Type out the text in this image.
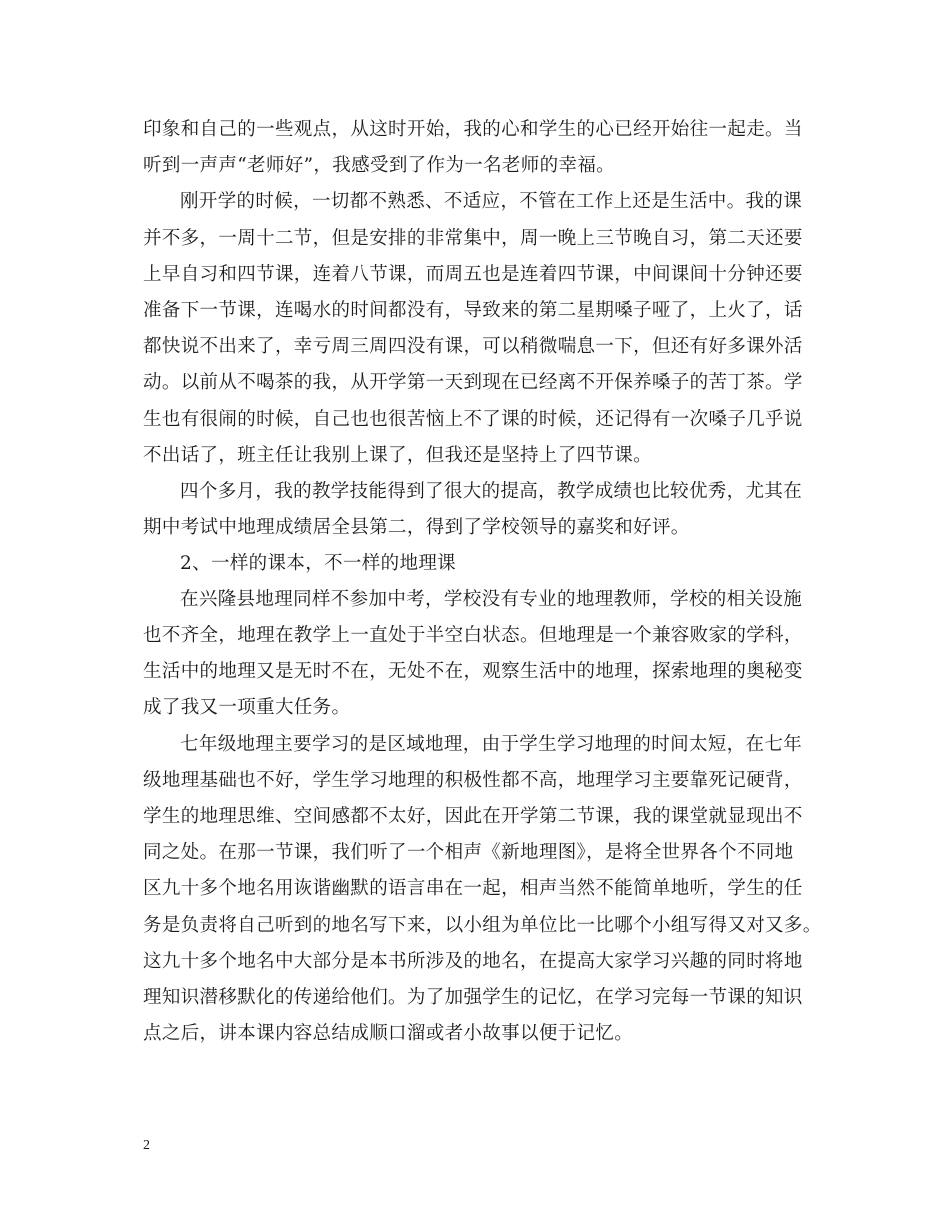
印象和自己的一些观点，从这时开始，我的心和学生的心已经开始往一起走。当
听到一声声“老师好”，我感受到了作为一名老师的幸福。
刚开学的时候，一切都不熟悉、不适应，不管在工作上还是生活中。我的课
并不多，一周十二节，但是安排的非常集中，周一晚上三节晚自习，第二天还要
上早自习和四节课，连着八节课，而周五也是连着四节课，中间课间十分钟还要
准备下一节课，连喝水的时间都没有，导致来的第二星期嗓子哑了，上火了，话
都快说不出来了，幸亏周三周四没有课，可以稍微喘息一下，但还有好多课外活
动。以前从不喝茶的我，从开学第一天到现在已经离不开保养嗓子的苦丁茶。学
生也有很闹的时候，自己也也很苦恼上不了课的时候，还记得有一次嗓子几乎说
不出话了，班主任让我别上课了，但我还是坚持上了四节课。
四个多月，我的教学技能得到了很大的提高，教学成绩也比较优秀，尤其在
期中考试中地理成绩居全县第二，得到了学校领导的嘉奖和好评。
2、一样的课本，不一样的地理课
在兴隆县地理同样不参加中考，学校没有专业的地理教师，学校的相关设施
也不齐全，地理在教学上一直处于半空白状态。但地理是一个兼容败家的学科，
生活中的地理又是无时不在，无处不在，观察生活中的地理，探索地理的奥秘变
成了我又一项重大任务。
七年级地理主要学习的是区域地理，由于学生学习地理的时间太短，在七年
级地理基础也不好，学生学习地理的积极性都不高，地理学习主要靠死记硬背，
学生的地理思维、空间感都不太好，因此在开学第二节课，我的课堂就显现出不
同之处。在那一节课，我们听了一个相声《新地理图》，是将全世界各个不同地
区九十多个地名用诙谐幽默的语言串在一起，相声当然不能简单地听，学生的任
务是负责将自己听到的地名写下来，以小组为单位比一比哪个小组写得又对又多。
这九十多个地名中大部分是本书所涉及的地名，在提高大家学习兴趣的同时将地
理知识潜移默化的传递给他们。为了加强学生的记忆，在学习完每一节课的知识
点之后，讲本课内容总结成顺口溜或者小故事以便于记忆。
2
